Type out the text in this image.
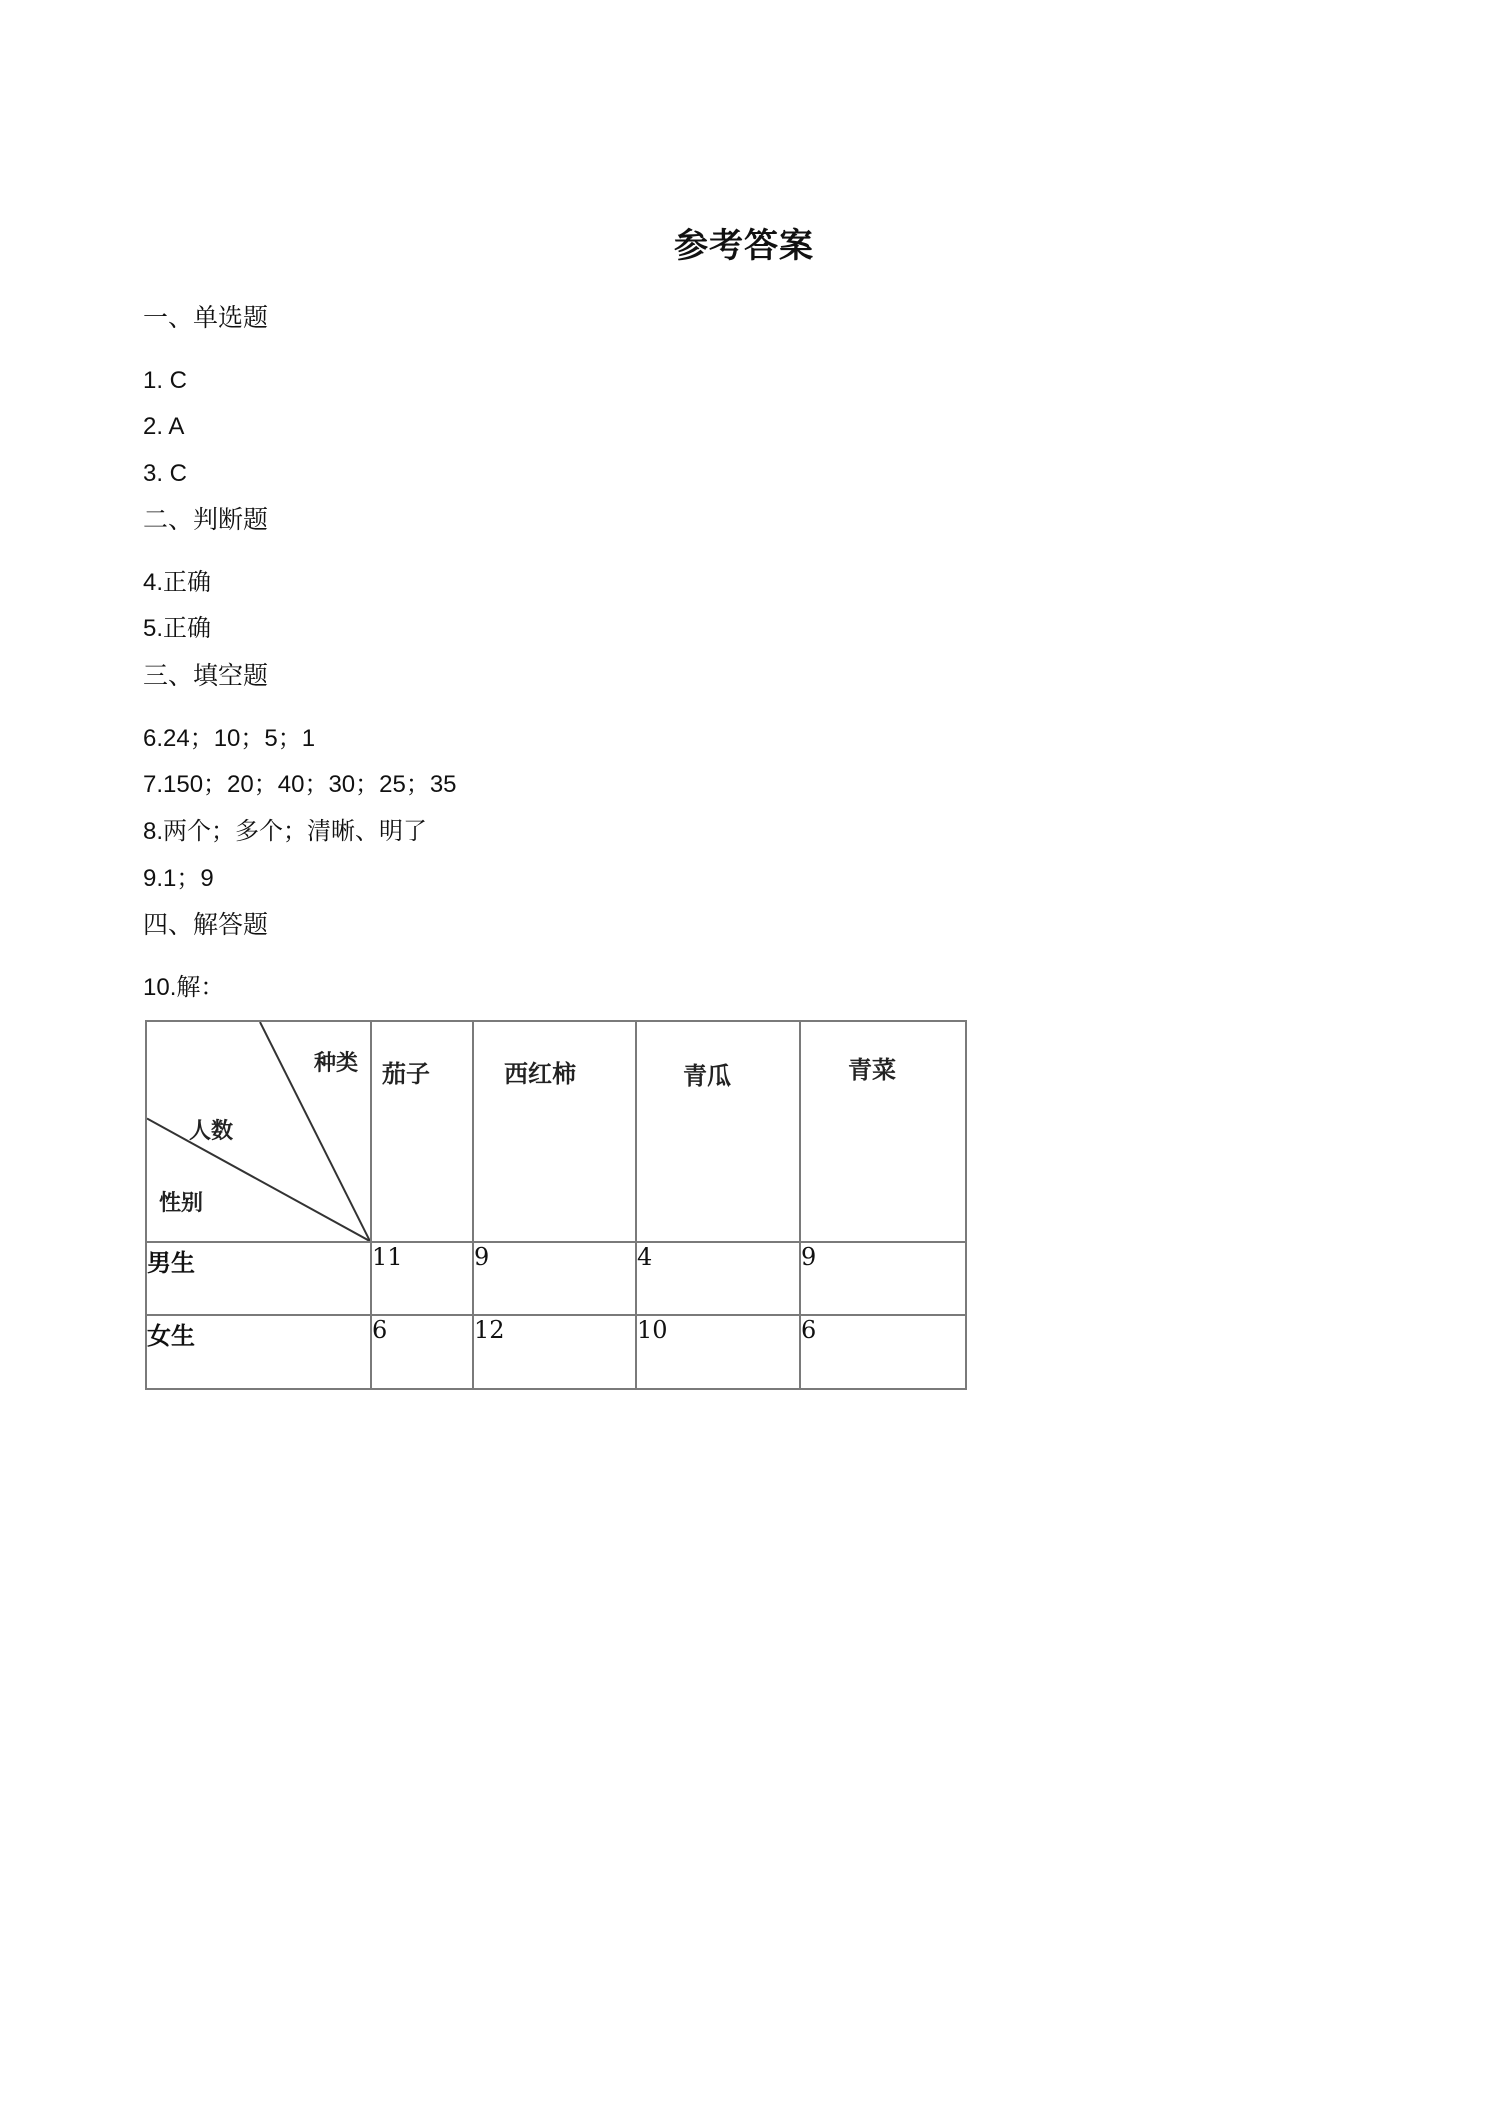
参考答案
一、单选题
1. C
2. A
3. C
二、判断题
4.正确
5.正确
三、填空题
6.24；10；5；1
7.150；20；40；30；25；35
8.两个；多个；清晰、明了
9.1；9
四、解答题
10.解：
种类
人数
性别	茄子	西红柿	青瓜	青菜

男生	11	9	4	9
女生	6	12	10	6
